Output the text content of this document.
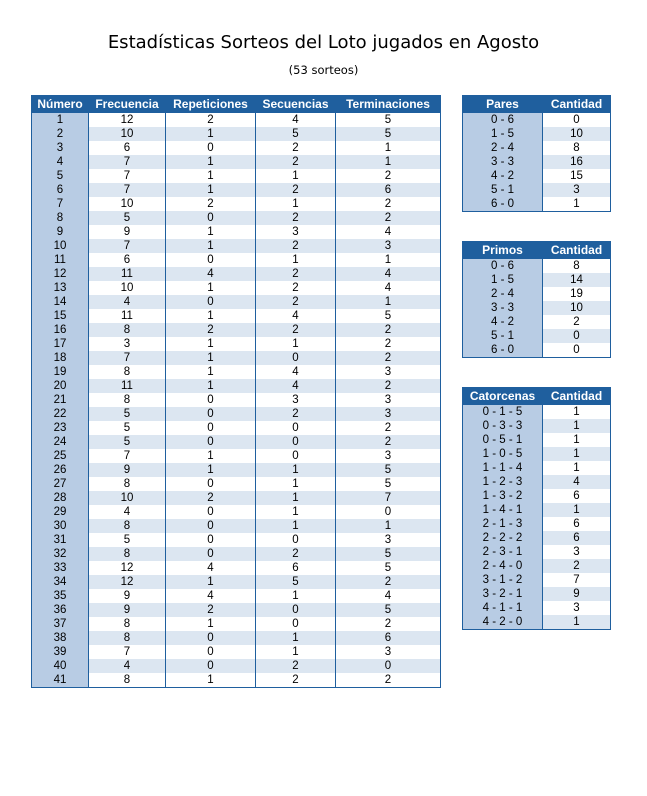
Estadísticas Sorteos del Loto jugados en Agosto
(53 sorteos)
Número	Frecuencia	Repeticiones	Secuencias	Terminaciones
1	12	2	4	5
2	10	1	5	5
3	6	0	2	1
4	7	1	2	1
5	7	1	1	2
6	7	1	2	6
7	10	2	1	2
8	5	0	2	2
9	9	1	3	4
10	7	1	2	3
11	6	0	1	1
12	11	4	2	4
13	10	1	2	4
14	4	0	2	1
15	11	1	4	5
16	8	2	2	2
17	3	1	1	2
18	7	1	0	2
19	8	1	4	3
20	11	1	4	2
21	8	0	3	3
22	5	0	2	3
23	5	0	0	2
24	5	0	0	2
25	7	1	0	3
26	9	1	1	5
27	8	0	1	5
28	10	2	1	7
29	4	0	1	0
30	8	0	1	1
31	5	0	0	3
32	8	0	2	5
33	12	4	6	5
34	12	1	5	2
35	9	4	1	4
36	9	2	0	5
37	8	1	0	2
38	8	0	1	6
39	7	0	1	3
40	4	0	2	0
41	8	1	2	2
Pares	Cantidad
0 - 6	0
1 - 5	10
2 - 4	8
3 - 3	16
4 - 2	15
5 - 1	3
6 - 0	1
Primos	Cantidad
0 - 6	8
1 - 5	14
2 - 4	19
3 - 3	10
4 - 2	2
5 - 1	0
6 - 0	0
Catorcenas	Cantidad
0 - 1 - 5	1
0 - 3 - 3	1
0 - 5 - 1	1
1 - 0 - 5	1
1 - 1 - 4	1
1 - 2 - 3	4
1 - 3 - 2	6
1 - 4 - 1	1
2 - 1 - 3	6
2 - 2 - 2	6
2 - 3 - 1	3
2 - 4 - 0	2
3 - 1 - 2	7
3 - 2 - 1	9
4 - 1 - 1	3
4 - 2 - 0	1
